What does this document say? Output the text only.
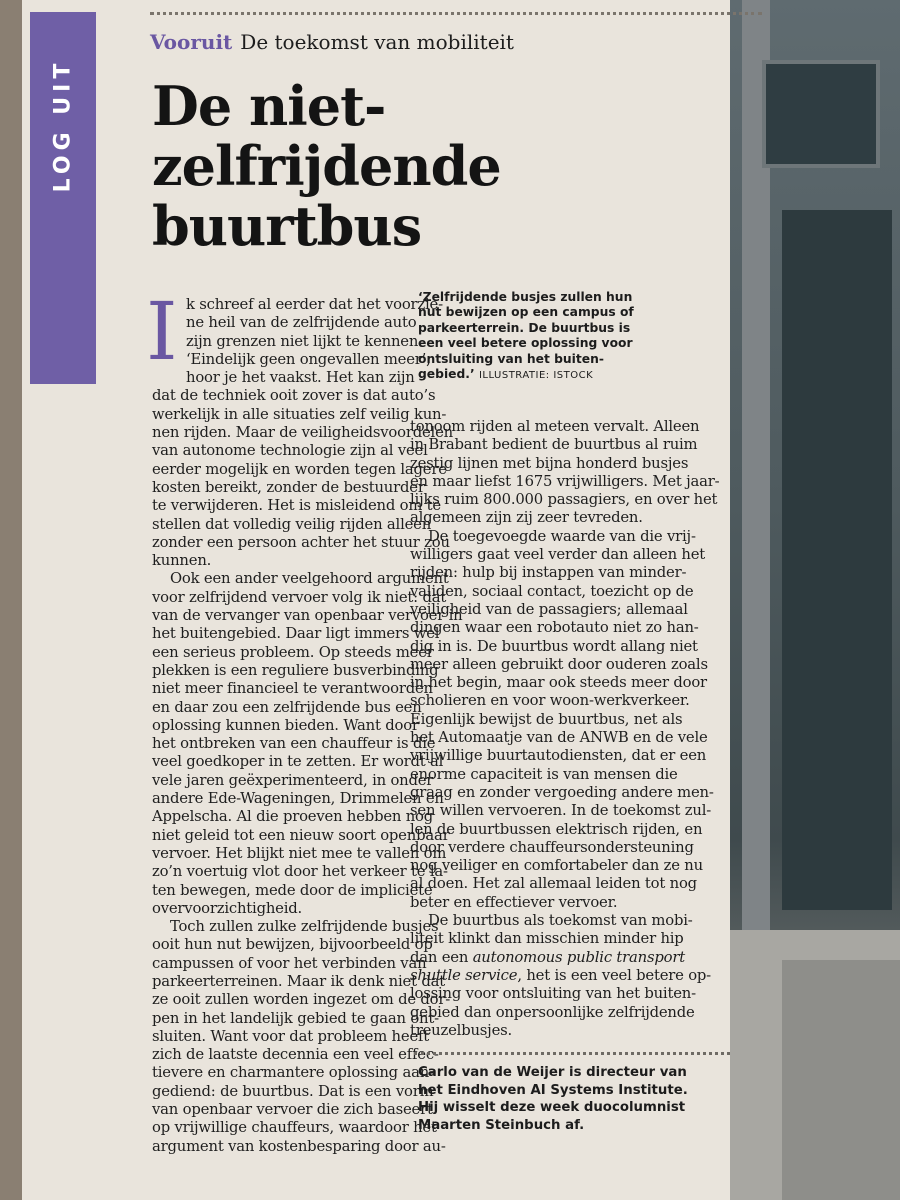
LOG UIT
Vooruit De toekomst van mobiliteit
De niet-
zelfrijdende
buurtbus
I k schreef al eerder dat het voorzie-
ne heil van de zelfrijdende auto
zijn grenzen niet lijkt te kennen.
‘Eindelijk geen ongevallen meer’,
hoor je het vaakst. Het kan zijn
dat de techniek ooit zover is dat auto’s
werkelijk in alle situaties zelf veilig kun-
nen rijden. Maar de veiligheidsvoordelen
van autonome technologie zijn al veel
eerder mogelijk en worden tegen lagere
kosten bereikt, zonder de bestuurder
te verwijderen. Het is misleidend om te
stellen dat volledig veilig rijden alleen
zonder een persoon achter het stuur zou
kunnen.
Ook een ander veelgehoord argument
voor zelfrijdend vervoer volg ik niet: dat
van de vervanger van openbaar vervoer in
het buitengebied. Daar ligt immers wel
een serieus probleem. Op steeds meer
plekken is een reguliere busverbinding
niet meer financieel te verantwoorden
en daar zou een zelfrijdende bus een
oplossing kunnen bieden. Want door
het ontbreken van een chauffeur is die
veel goedkoper in te zetten. Er wordt al
vele jaren geëxperimenteerd, in onder
andere Ede-Wageningen, Drimmelen en
Appelscha. Al die proeven hebben nog
niet geleid tot een nieuw soort openbaar
vervoer. Het blijkt niet mee te vallen om
zo’n voertuig vlot door het verkeer te la-
ten bewegen, mede door de impliciete
overvoorzichtigheid.
Toch zullen zulke zelfrijdende busjes
ooit hun nut bewijzen, bijvoorbeeld op
campussen of voor het verbinden van
parkeerterreinen. Maar ik denk niet dat
ze ooit zullen worden ingezet om de dor-
pen in het landelijk gebied te gaan ont-
sluiten. Want voor dat probleem heeft
zich de laatste decennia een veel effec-
tievere en charmantere oplossing aan-
gediend: de buurtbus. Dat is een vorm
van openbaar vervoer die zich baseert
op vrijwillige chauffeurs, waardoor het
argument van kostenbesparing door au-
‘Zelfrijdende busjes zullen hun
nut bewijzen op een campus of
parkeerterrein. De buurtbus is
een veel betere oplossing voor
ontsluiting van het buiten-
gebied.’ ILLUSTRATIE: ISTOCK
tonoom rijden al meteen vervalt. Alleen
in Brabant bedient de buurtbus al ruim
zestig lijnen met bijna honderd busjes
en maar liefst 1675 vrijwilligers. Met jaar-
lijks ruim 800.000 passagiers, en over het
algemeen zijn zij zeer tevreden.
De toegevoegde waarde van die vrij-
willigers gaat veel verder dan alleen het
rijden: hulp bij instappen van minder-
validen, sociaal contact, toezicht op de
veiligheid van de passagiers; allemaal
dingen waar een robotauto niet zo han-
dig in is. De buurtbus wordt allang niet
meer alleen gebruikt door ouderen zoals
in het begin, maar ook steeds meer door
scholieren en voor woon-werkverkeer.
Eigenlijk bewijst de buurtbus, net als
het Automaatje van de ANWB en de vele
vrijwillige buurtautodiensten, dat er een
enorme capaciteit is van mensen die
graag en zonder vergoeding andere men-
sen willen vervoeren. In de toekomst zul-
len de buurtbussen elektrisch rijden, en
door verdere chauffeursondersteuning
nog veiliger en comfortabeler dan ze nu
al doen. Het zal allemaal leiden tot nog
beter en effectiever vervoer.
De buurtbus als toekomst van mobi-
liteit klinkt dan misschien minder hip
dan een autonomous public transport
shuttle service, het is een veel betere op-
lossing voor ontsluiting van het buiten-
gebied dan onpersoonlijke zelfrijdende
treuzelbusjes.
Carlo van de Weijer is directeur van
het Eindhoven AI Systems Institute.
Hij wisselt deze week duocolumnist
Maarten Steinbuch af.
